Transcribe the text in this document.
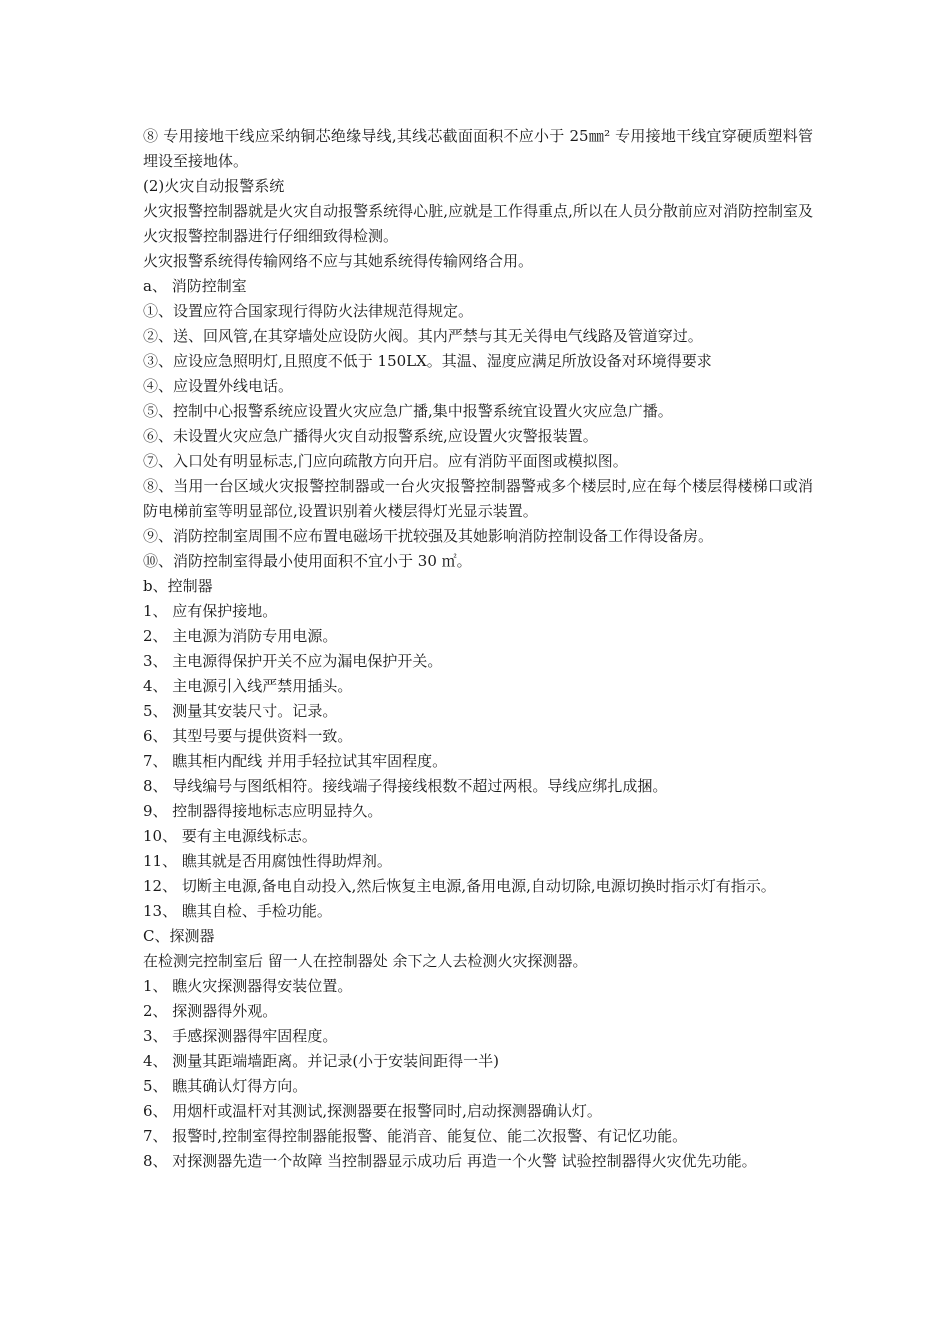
⑧ 专用接地干线应采纳铜芯绝缘导线,其线芯截面面积不应小于 25㎜² 专用接地干线宜穿硬质塑料管埋设至接地体。

(2)火灾自动报警系统

火灾报警控制器就是火灾自动报警系统得心脏,应就是工作得重点,所以在人员分散前应对消防控制室及火灾报警控制器进行仔细细致得检测。

火灾报警系统得传输网络不应与其她系统得传输网络合用。

a、 消防控制室

①、设置应符合国家现行得防火法律规范得规定。

②、送、回风管,在其穿墙处应设防火阀。其内严禁与其无关得电气线路及管道穿过。

③、应设应急照明灯,且照度不低于 150LX。其温、湿度应满足所放设备对环境得要求

④、应设置外线电话。

⑤、控制中心报警系统应设置火灾应急广播,集中报警系统宜设置火灾应急广播。

⑥、未设置火灾应急广播得火灾自动报警系统,应设置火灾警报装置。

⑦、入口处有明显标志,门应向疏散方向开启。应有消防平面图或模拟图。

⑧、当用一台区域火灾报警控制器或一台火灾报警控制器警戒多个楼层时,应在每个楼层得楼梯口或消防电梯前室等明显部位,设置识别着火楼层得灯光显示装置。

⑨、消防控制室周围不应布置电磁场干扰较强及其她影响消防控制设备工作得设备房。

⑩、消防控制室得最小使用面积不宜小于 30 ㎡。

b、控制器

1、 应有保护接地。

2、 主电源为消防专用电源。

3、 主电源得保护开关不应为漏电保护开关。

4、 主电源引入线严禁用插头。

5、 测量其安装尺寸。记录。

6、 其型号要与提供资料一致。

7、 瞧其柜内配线 并用手轻拉试其牢固程度。

8、 导线编号与图纸相符。接线端子得接线根数不超过两根。导线应绑扎成捆。

9、 控制器得接地标志应明显持久。

10、 要有主电源线标志。

11、 瞧其就是否用腐蚀性得助焊剂。

12、 切断主电源,备电自动投入,然后恢复主电源,备用电源,自动切除,电源切换时指示灯有指示。

13、 瞧其自检、手检功能。

C、探测器

在检测完控制室后 留一人在控制器处 余下之人去检测火灾探测器。

1、 瞧火灾探测器得安装位置。

2、 探测器得外观。

3、 手感探测器得牢固程度。

4、 测量其距端墙距离。并记录(小于安装间距得一半)

5、 瞧其确认灯得方向。

6、 用烟杆或温杆对其测试,探测器要在报警同时,启动探测器确认灯。

7、 报警时,控制室得控制器能报警、能消音、能复位、能二次报警、有记忆功能。

8、 对探测器先造一个故障 当控制器显示成功后 再造一个火警 试验控制器得火灾优先功能。
